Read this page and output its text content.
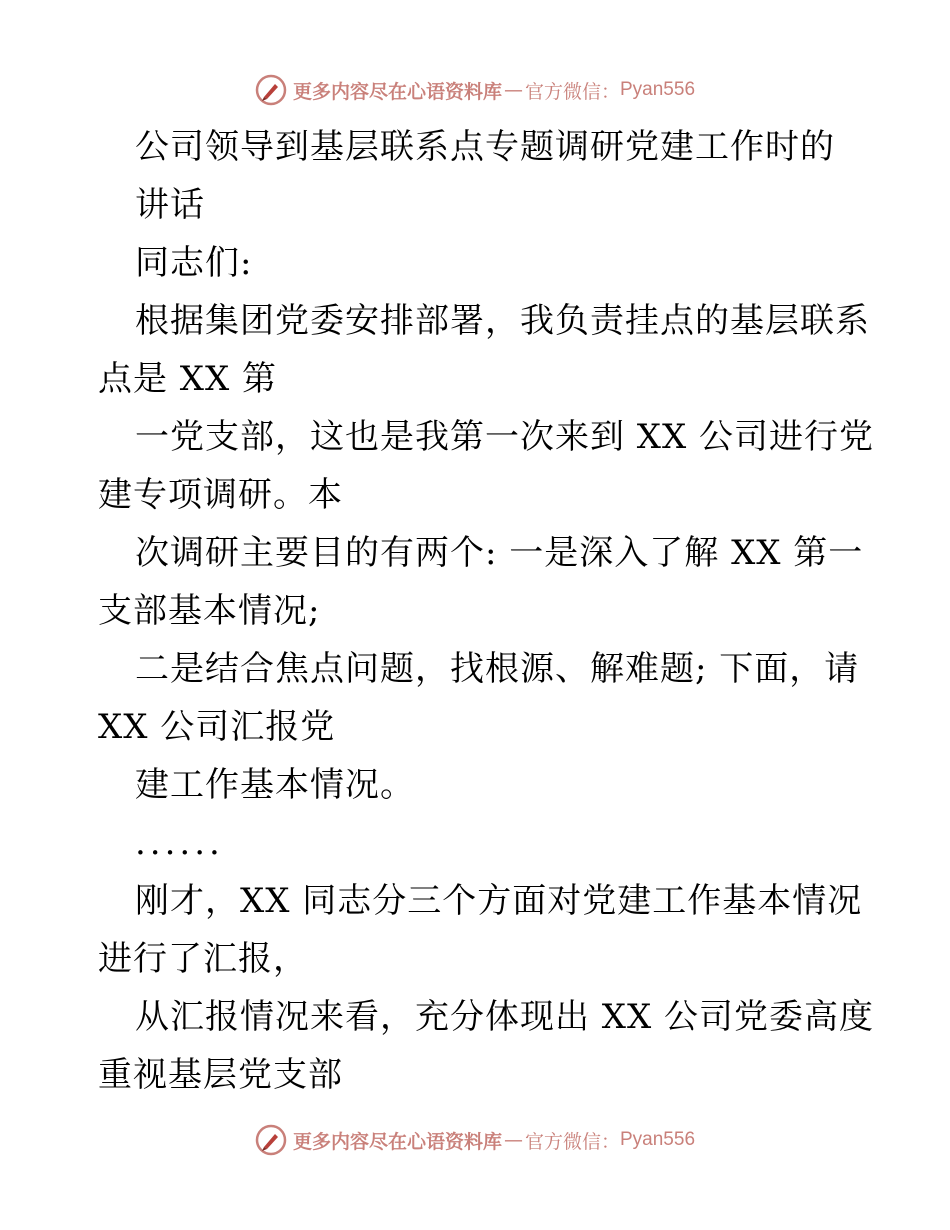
更多内容尽在心语资料库 — 官方微信： Pyan556

公司领导到基层联系点专题调研党建工作时的
讲话

同志们:

根据集团党委安排部署，我负责挂点的基层联系
点是 XX 第

一党支部，这也是我第一次来到 XX 公司进行党
建专项调研。本

次调研主要目的有两个: 一是深入了解 XX 第一
支部基本情况;

二是结合焦点问题，找根源、解难题; 下面，请
XX 公司汇报党

建工作基本情况。

......

刚才，XX 同志分三个方面对党建工作基本情况
进行了汇报，

从汇报情况来看，充分体现出 XX 公司党委高度
重视基层党支部

更多内容尽在心语资料库 — 官方微信： Pyan556
